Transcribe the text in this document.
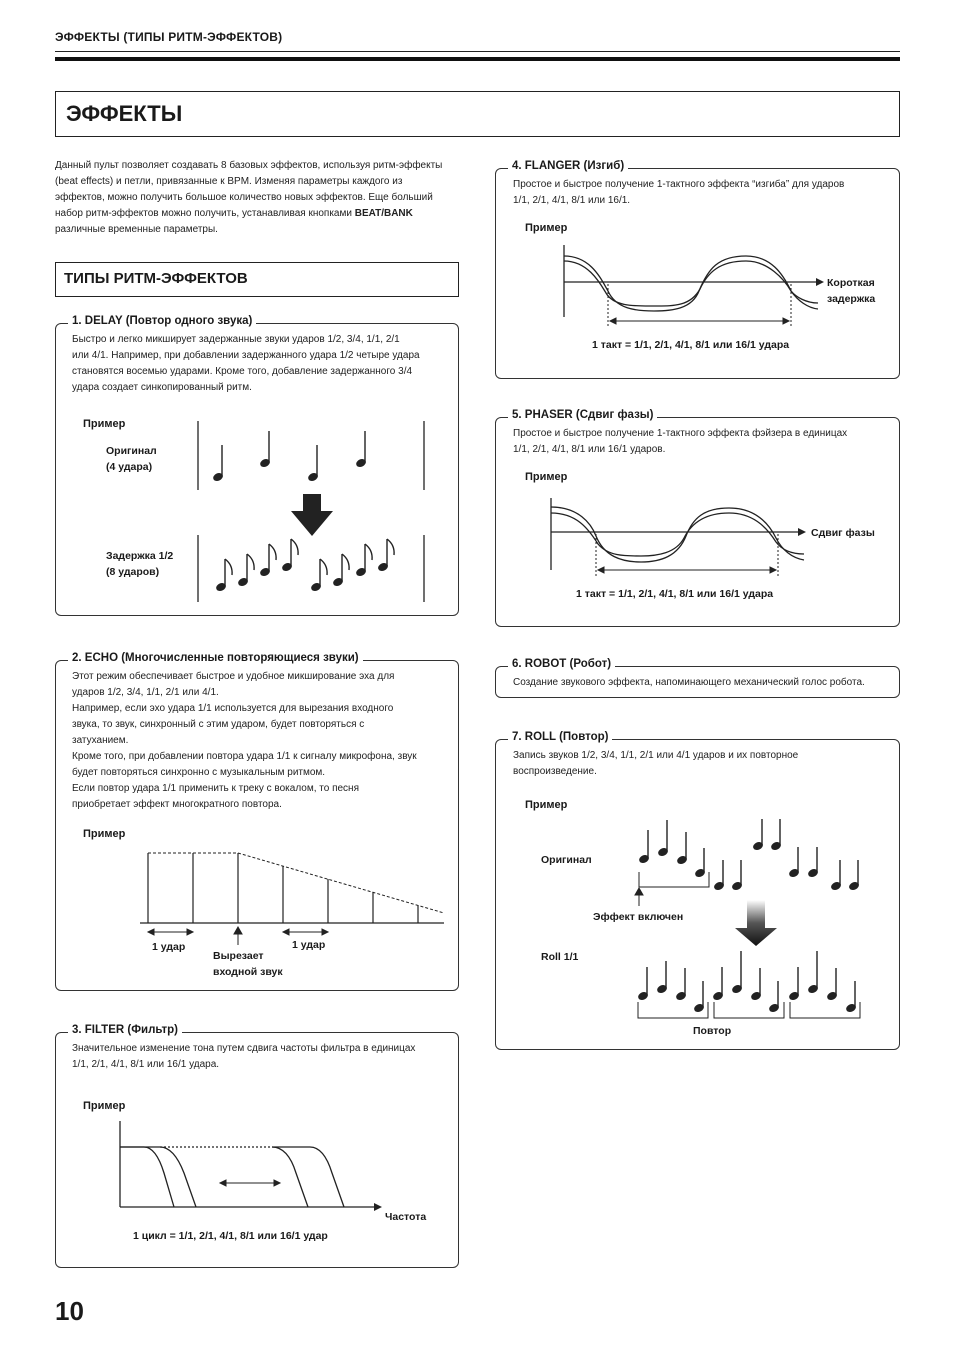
ЭФФЕКТЫ (ТИПЫ РИТМ-ЭФФЕКТОВ)
ЭФФЕКТЫ
Данный пульт позволяет создавать 8 базовых эффектов, используя ритм-эффекты
(beat effects) и петли, привязанные к BPM. Изменяя параметры каждого из
эффектов, можно получить большое количество новых эффектов. Еще больший
набор ритм-эффектов можно получить, устанавливая кнопками BEAT/BANK
различные временные параметры.
ТИПЫ РИТМ-ЭФФЕКТОВ
1. DELAY (Повтор одного звука)
Быстро и легко микширует задержанные звуки ударов 1/2, 3/4, 1/1, 2/1
или 4/1. Например, при добавлении задержанного удара 1/2 четыре удара
становятся восемью ударами. Кроме того, добавление задержанного 3/4
удара создает синкопированный ритм.
Пример
Оригинал
(4 удара)
Задержка 1/2
(8 ударов)
2. ECHO (Многочисленные повторяющиеся звуки)
Этот режим обеспечивает быстрое и удобное микширование эха для
ударов 1/2, 3/4, 1/1, 2/1 или 4/1.
Например, если эхо удара 1/1 используется для вырезания входного
звука, то звук, синхронный с этим ударом, будет повторяться с
затуханием.
Кроме того, при добавлении повтора удара 1/1 к сигналу микрофона, звук
будет повторяться синхронно с музыкальным ритмом.
Если повтор удара 1/1 применить к треку с вокалом, то песня
приобретает эффект многократного повтора.
Пример
1 удар	1 удар
Вырезает
входной звук
3. FILTER (Фильтр)
Значительное изменение тона путем сдвига частоты фильтра в единицах
1/1, 2/1, 4/1, 8/1 или 16/1 удара.
Пример
Частота
1 цикл = 1/1, 2/1, 4/1, 8/1 или 16/1 удар
4. FLANGER (Изгиб)
Простое и быстрое получение 1-тактного эффекта “изгиба” для ударов
1/1, 2/1, 4/1, 8/1 или 16/1.
Пример
Короткая
задержка
1 такт = 1/1, 2/1, 4/1, 8/1 или 16/1 удара
5. PHASER (Сдвиг фазы)
Простое и быстрое получение 1-тактного эффекта фэйзера в единицах
1/1, 2/1, 4/1, 8/1 или 16/1 ударов.
Пример
Сдвиг фазы
1 такт = 1/1, 2/1, 4/1, 8/1 или 16/1 удара
6. ROBOT (Робот)
Создание звукового эффекта, напоминающего механический голос робота.
7. ROLL (Повтор)
Запись звуков 1/2, 3/4, 1/1, 2/1 или 4/1 ударов и их повторное
воспроизведение.
Пример
Оригинал
Эффект включен
Roll 1/1
Повтор
10
